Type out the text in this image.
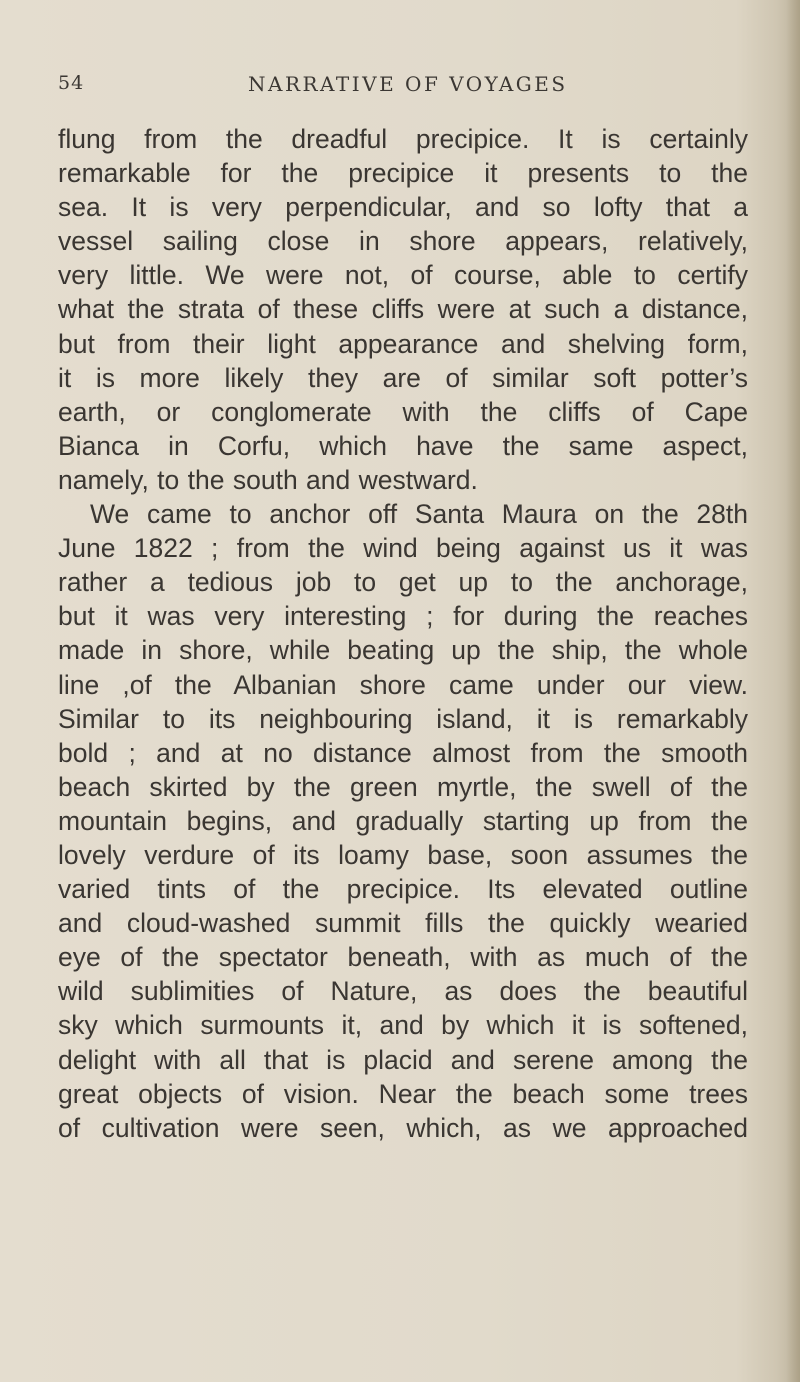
54	NARRATIVE OF VOYAGES
flung from the dreadful precipice. It is certainly
remarkable for the precipice it presents to the
sea. It is very perpendicular, and so lofty that a
vessel sailing close in shore appears, relatively,
very little. We were not, of course, able to certify
what the strata of these cliffs were at such a distance,
but from their light appearance and shelving form,
it is more likely they are of similar soft potter’s
earth, or conglomerate with the cliffs of Cape
Bianca in Corfu, which have the same aspect,
namely, to the south and westward.
We came to anchor off Santa Maura on the 28th
June 1822 ; from the wind being against us it was
rather a tedious job to get up to the anchorage,
but it was very interesting ; for during the reaches
made in shore, while beating up the ship, the whole
line ,of the Albanian shore came under our view.
Similar to its neighbouring island, it is remarkably
bold ; and at no distance almost from the smooth
beach skirted by the green myrtle, the swell of the
mountain begins, and gradually starting up from the
lovely verdure of its loamy base, soon assumes the
varied tints of the precipice. Its elevated outline
and cloud-washed summit fills the quickly wearied
eye of the spectator beneath, with as much of the
wild sublimities of Nature, as does the beautiful
sky which surmounts it, and by which it is softened,
delight with all that is placid and serene among the
great objects of vision. Near the beach some trees
of cultivation were seen, which, as we approached
